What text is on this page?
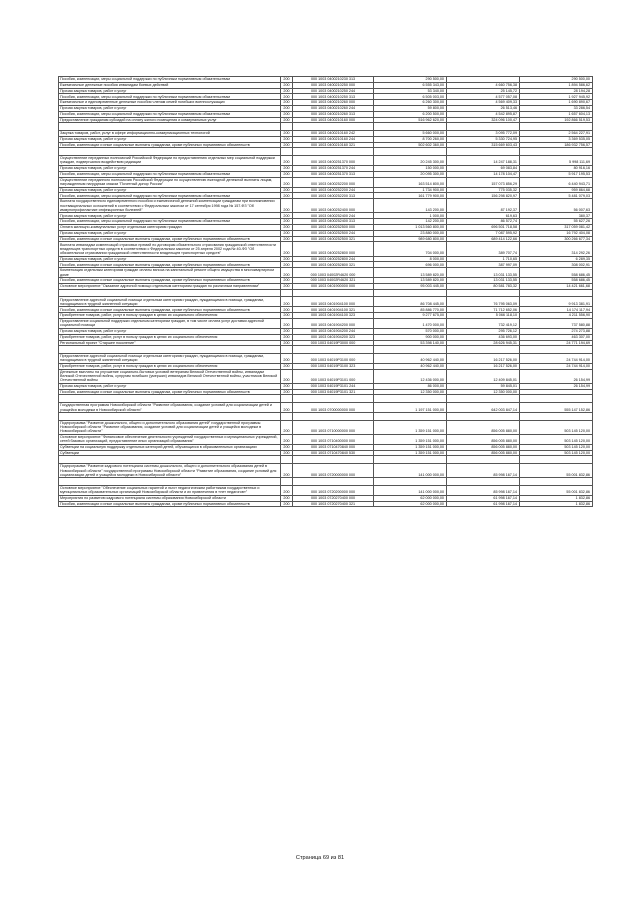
Пособия, компенсации, меры социальной поддержки по публичным нормативным обязательствам	200	000 1003 0400210230 313	290 500,00		290 500,00
Ежемесячные денежные пособия инвалидам боевых действий	200	000 1003 0400210250 000	6 555 343,00	4 660 756,38	1 894 586,62
Прочая закупка товаров, работ и услуг	200	000 1003 0400210250 244	53 340,00	25 145,72	28 194,28
Пособия, компенсации, меры социальной поддержки по публичным нормативным обязательствам	200	000 1003 0400210250 313	6 505 003,00	4 577 057,08	1 927 945,92
Ежемесячные и единовременные денежные пособия членам семей погибших военнослужащих	200	000 1003 0400210260 000	6 260 300,00	4 569 409,33	1 690 890,67
Прочая закупка товаров, работ и услуг	200	000 1003 0400210260 244	59 800,00	26 513,46	33 286,54
Пособия, компенсации, меры социальной поддержки по публичным нормативным обязательствам	200	000 1003 0400210260 313	6 200 500,00	4 542 895,87	1 657 604,13
Предоставление гражданам субсидий на оплату жилого помещения и коммунальных услуг	200	000 1003 0400210160 000	516 962 620,00	324 096 100,47	192 866 519,53

Закупка товаров, работ, услуг в сфере информационно-коммуникационных технологий	200	000 1003 0400210160 242	5 660 000,00	3 095 772,09	2 564 227,91
Прочая закупка товаров, работ и услуг	200	000 1003 0400210160 244	8 700 260,00	5 330 724,95	3 369 535,05
Пособия, компенсации и иные социальные выплаты гражданам, кроме публичных нормативных обязательств	200	000 1003 0400210160 321	502 602 360,00	315 669 603,43	186 932 756,57

Осуществление переданных полномочий Российской Федерации по предоставлению отдельных мер социальной поддержки граждан, подвергшихся воздействию радиации	200	000 1003 0400251370 000	20 245 300,00	14 247 188,31	5 998 111,69
Прочая закупка товаров, работ и услуг	200	000 1003 0400251370 244	150 000,00	69 083,84	80 916,16
Пособия, компенсации, меры социальной поддержки по публичным нормативным обязательствам	200	000 1003 0400251370 313	20 095 300,00	14 178 104,47	5 917 195,53
Осуществление переданного полномочия Российской Федерации по осуществлению ежегодной денежной выплаты лицам, награжденным нагрудным знаком "Почетный донор России"	200	000 1003 0400252200 000	163 514 800,00	157 073 856,29	6 440 943,71
Прочая закупка товаров, работ и услуг	200	000 1003 0400252200 244	1 734 900,00	775 035,32	959 864,68
Пособия, компенсации, меры социальной поддержки по публичным нормативным обязательствам	200	000 1003 0400252200 313	161 779 900,00	156 298 820,97	5 481 079,03
Выплата государственного единовременного пособия и ежемесячной денежной компенсации гражданам при возникновении поствакцинальных осложнений в соответствии с Федеральным законом от 17 сентября 1998 года № 157-ФЗ "Об иммунопрофилактике инфекционных болезней"	200	000 1003 0400252400 000	143 200,00	87 192,37	56 007,63
Прочая закупка товаров, работ и услуг	200	000 1003 0400252400 244	1 000,00	619,63	380,37
Пособия, компенсации, меры социальной поддержки по публичным нормативным обязательствам	200	000 1003 0400252400 313	142 200,00	86 572,74	55 627,26
Оплата жилищно-коммунальных услуг отдельным категориям граждан	200	000 1003 0400252500 000	1 013 560 800,00	696 501 718,58	317 059 081,42
Прочая закупка товаров, работ и услуг	200	000 1003 0400252500 244	23 880 000,00	7 087 595,92	16 792 404,08
Пособия, компенсации и иные социальные выплаты гражданам, кроме публичных нормативных обязательств	200	000 1003 0400252500 321	989 680 800,00	689 414 122,66	300 266 677,34
Выплата инвалидам компенсаций страховых премий по договорам обязательного страхования гражданской ответственности владельцев транспортных средств в соответствии с Федеральным законом от 25 апреля 2002 года № 40-ФЗ "Об обязательном страховании гражданской ответственности владельцев транспортных средств"	200	000 1003 0400252800 000	704 000,00	389 707,74	314 292,26
Прочая закупка товаров, работ и услуг	200	000 1003 0400252800 244	8 000,00	1 710,65	6 289,35
Пособия, компенсации и иные социальные выплаты гражданам, кроме публичных нормативных обязательств	200	000 1003 0400252800 321	696 000,00	387 997,09	308 002,91
Компенсация отдельным категориям граждан оплаты взноса на капитальный ремонт общего имущества в многоквартирном доме	200	000 1003 04002R4620 000	13 589 820,00	13 031 133,55	558 686,45
Пособия, компенсации и иные социальные выплаты гражданам, кроме публичных нормативных обязательств	200	000 1003 04002R4620 321	13 589 820,00	13 031 133,55	558 686,45
Основное мероприятие "Оказание адресной помощи отдельным категориям граждан по различным направлениям"	200	000 1003 0401900000 000	95 003 445,00	80 581 783,32	14 421 661,68

Предоставление адресной социальной помощи отдельным категориям граждан, нуждающимся в помощи, гражданам, находящимся в трудной жизненной ситуации	200	000 1003 0401904100 000	86 708 445,00	76 795 063,09	9 913 381,91
Пособия, компенсации и иные социальные выплаты гражданам, кроме публичных нормативных обязательств	200	000 1003 0401904100 321	85 886 770,00	71 712 652,06	14 174 117,94
Приобретение товаров, работ, услуг в пользу граждан в целях их социального обеспечения	200	000 1003 0401904100 323	9 277 675,00	5 066 118,10	4 211 556,90
Предоставление социальной поддержки отдельным категориям граждан, в том числе оплата услуг доставки адресной социальной помощи	200	000 1003 0401904200 000	1 470 000,00	732 419,12	737 580,88
Прочая закупка товаров, работ и услуг	200	000 1003 0401904200 244	570 000,00	295 726,12	274 273,88
Приобретение товаров, работ, услуг в пользу граждан в целях их социального обеспечения	200	000 1003 0401904200 323	900 000,00	436 693,00	463 307,00
Региональный проект "Старшее поколение"	200	000 1003 04019P3000 000	53 398 140,00	28 626 945,31	24 771 194,69

Предоставление адресной социальной помощи отдельным категориям граждан, нуждающимся в помощи, гражданам, находящимся в трудной жизненной ситуации	200	000 1003 04019P3100 000	40 962 440,00	16 217 526,00	24 744 914,00
Приобретение товаров, работ, услуг в пользу граждан в целях их социального обеспечения	200	000 1003 04019P3100 323	40 962 440,00	16 217 526,00	24 744 914,00
Денежные выплаты на улучшение социально-бытовых условий ветеранам Великой Отечественной войны, инвалидам Великой Отечественной войны, супругам погибших (умерших) инвалидов Великой Отечественной войны, участников Великой Отечественной войны	200	000 1003 04019P3101 000	12 436 000,00	12 409 845,01	26 154,99
Прочая закупка товаров, работ и услуг	200	000 1003 04019P3101 244	86 000,00	59 845,01	26 154,99
Пособия, компенсации и иные социальные выплаты гражданам, кроме публичных нормативных обязательств	200	000 1003 04019P3101 321	12 350 000,00	12 350 000,00	

Государственная программа Новосибирской области "Развитие образования, создание условий для социализации детей и учащейся молодежи в Новосибирской области"	200	000 1003 0700000000 000	1 197 151 000,00	642 003 847,14	555 147 152,86

Подпрограмма "Развитие дошкольного, общего и дополнительного образования детей" государственной программы Новосибирской области "Развитие образования, создание условий для социализации детей и учащейся молодежи в Новосибирской области"	200	000 1003 0710000000 000	1 359 151 000,00	856 005 880,00	503 145 120,00
Основное мероприятие "Финансовое обеспечение деятельности учреждений государственных и муниципальных учреждений, сетей базовых организаций, предоставление иных организаций образования"	200	000 1003 0710400000 000	1 359 151 000,00	856 005 880,00	503 145 120,00
Субвенции на социальную поддержку отдельных категорий детей, обучающихся в образовательных организациях	200	000 1003 0710470840 000	1 359 151 000,00	856 005 880,00	503 145 120,00
Субвенции	200	000 1003 0710470840 530	1 359 151 000,00	856 005 880,00	503 145 120,00

Подпрограмма "Развитие кадрового потенциала системы дошкольного, общего и дополнительного образования детей в Новосибирской области" государственной программы Новосибирской области "Развитие образования, создание условий для социализации детей и учащейся молодежи в Новосибирской области"	200	000 1003 0720000000 000	141 000 000,00	85 998 167,14	55 001 832,86

Основное мероприятие "Обеспечение социальных гарантий и льгот педагогическим работникам государственных и муниципальных образовательных организаций Новосибирской области и их привлечения в «нет педагогов»"	200	000 1003 0720200000 000	141 000 000,00	85 998 167,14	55 001 832,86
Мероприятия по развитию кадрового потенциала системы образования Новосибирской области	200	000 1003 0720270400 000	62 000 000,00	61 998 167,14	1 832,86
Пособия, компенсации и иные социальные выплаты гражданам, кроме публичных нормативных обязательств	200	000 1003 0720270400 321	62 000 000,00	61 998 167,14	1 832,86
Страница 69 из 81
